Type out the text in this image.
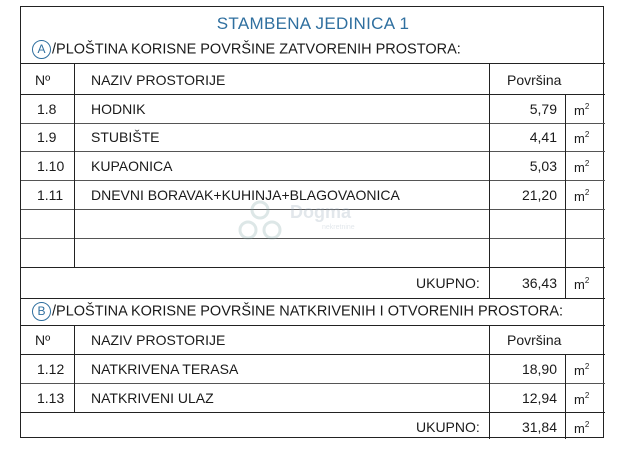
STAMBENA JEDINICA 1
A /PLOŠTINA KORISNE POVRŠINE ZATVORENIH PROSTORA:
Nº	NAZIV PROSTORIJE	Površina
1.8 HODNIK	5,79 $m^2$
1.9 STUBIŠTE	4,41 $m^2$
1.10 KUPAONICA	5,03 $m^2$
1.11 DNEVNI BORAVAK+KUHINJA+BLAGOVAONICA	21,20 $m^2$
UKUPNO:	36,43 $m^2$
B /PLOŠTINA KORISNE POVRŠINE NATKRIVENIH I OTVORENIH PROSTORA:
Nº	NAZIV PROSTORIJE	Površina
1.12 NATKRIVENA TERASA	18,90 $m^2$
1.13 NATKRIVENI ULAZ	12,94 $m^2$
UKUPNO:	31,84 $m^2$
Dogma
nekretnine
